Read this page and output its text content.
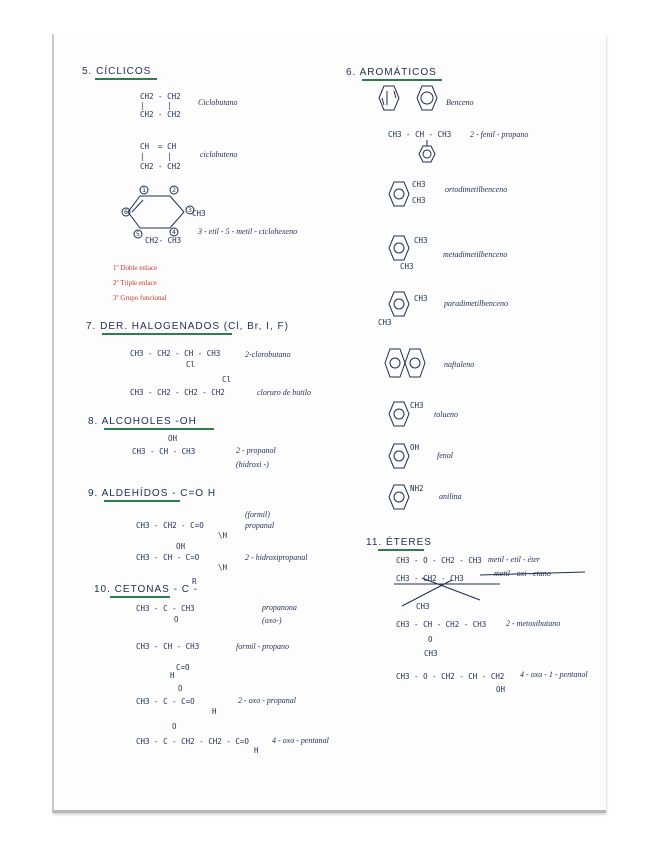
5. CÍCLICOS
CH2 - CH2
|     |
CH2 - CH2
Ciclobutano
CH  = CH
|     |
CH2 - CH2
ciclobuteno
1	2
3
4
5
6	CH3
CH2- CH3
3 - etil - 5 - metil - ciclohexeno
1º Doble enlace
2º Triple enlace
3º Grupo funcional
7. DER. HALOGENADOS (Cl, Br, I, F)
CH3 - CH2 - CH - CH3
Cl
2-clorobutano
Cl
CH3 - CH2 - CH2 - CH2	cloruro de butilo
8. ALCOHOLES -OH
OH
CH3 - CH - CH3	2 - propanol
(hidroxi -)
9. ALDEHÍDOS - C=O H
(formil)
CH3 - CH2 - C=O	propanal
\H
OH
CH3 - CH - C=O
\H
2 - hidroxipropanal
R
10. CETONAS - C -
CH3 - C - CH3
O
propanona
(oxo-)
CH3 - CH - CH3	formil - propano
C=O
H
O
CH3 - C - C=O
H
2 - oxo - propanal
O
CH3 - C - CH2 - CH2 - C=O
H
4 - oxo - pentanal
6. AROMÁTICOS
Benceno
CH3 - CH - CH3 2 - fenil - propano
CH3
CH3
ortodimetilbenceno
CH3
CH3
metadimetilbenceno
CH3
CH3
paradimetilbenceno
naftaleno
CH3
tolueno
OH
fenol
NH2
anilina
11. ÉTERES
CH3 - O - CH2 - CH3 metil - etil - éter
CH3 - CH2 - CH3
metil - oxi - etano
CH3
CH3 - CH - CH2 - CH3 2 - metoxibutano
O
CH3
CH3 - O - CH2 - CH - CH2
OH
4 - oxa - 1 - pentanol
